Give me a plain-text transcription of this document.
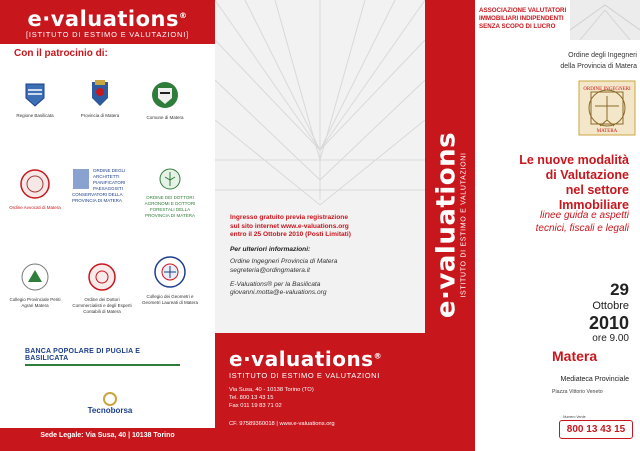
e·valuations®
[ISTITUTO DI ESTIMO E VALUTAZIONI]
Con il patrocinio di:
Regione Basilicata	Provincia di Matera	Comune di Matera
Ordine Avvocati di Matera
ORDINE DEGLI ARCHITETTI PIANIFICATORI PAESAGGISTI CONSERVATORI DELLA PROVINCIA DI MATERA
ORDINE DEI DOTTORI AGRONOMI E DOTTORI FORESTALI DELLA PROVINCIA DI MATERA
Collegio Provinciale Periti Agrari Matera
Ordine dei Dottori Commercialisti e degli Esperti Contabili di Matera
Collegio dei Geometri e Geometri Laureati di Matera
BANCA POPOLARE DI PUGLIA E BASILICATA
Tecnoborsa
Sede Legale: Via Susa, 40 | 10138 Torino
Ingresso gratuito previa registrazione
sul sito internet www.e-valuations.org
entro il 25 Ottobre 2010 (Posti Limitati)
Per ulteriori informazioni:
Ordine Ingegneri Provincia di Matera
segreteria@ordingmatera.it
E-Valuations® per la Basilicata
giovanni.motta@e-valuations.org
e·valuations®
ISTITUTO DI ESTIMO E VALUTAZIONI
Via Susa, 40 - 10138 Torino (TO)
Tel. 800 13 43 15
Fax 011 19 83 71 02
CF. 97589360018 | www.e-valuations.org
e·valuations ISTITUTO DI ESTIMO E VALUTAZIONI
ASSOCIAZIONE VALUTATORI
IMMOBILIARI INDIPENDENTI
SENZA SCOPO DI LUCRO
Ordine degli Ingegneri
della Provincia di Matera
ORDINE INGEGNERI
MATERA
Le nuove modalità
di Valutazione
nel settore
Immobiliare
linee guida e aspetti
tecnici, fiscali e legali
29
Ottobre
2010
ore 9.00
Matera
Mediateca Provinciale
Piazza Vittorio Veneto
Numero Verde
800 13 43 15
